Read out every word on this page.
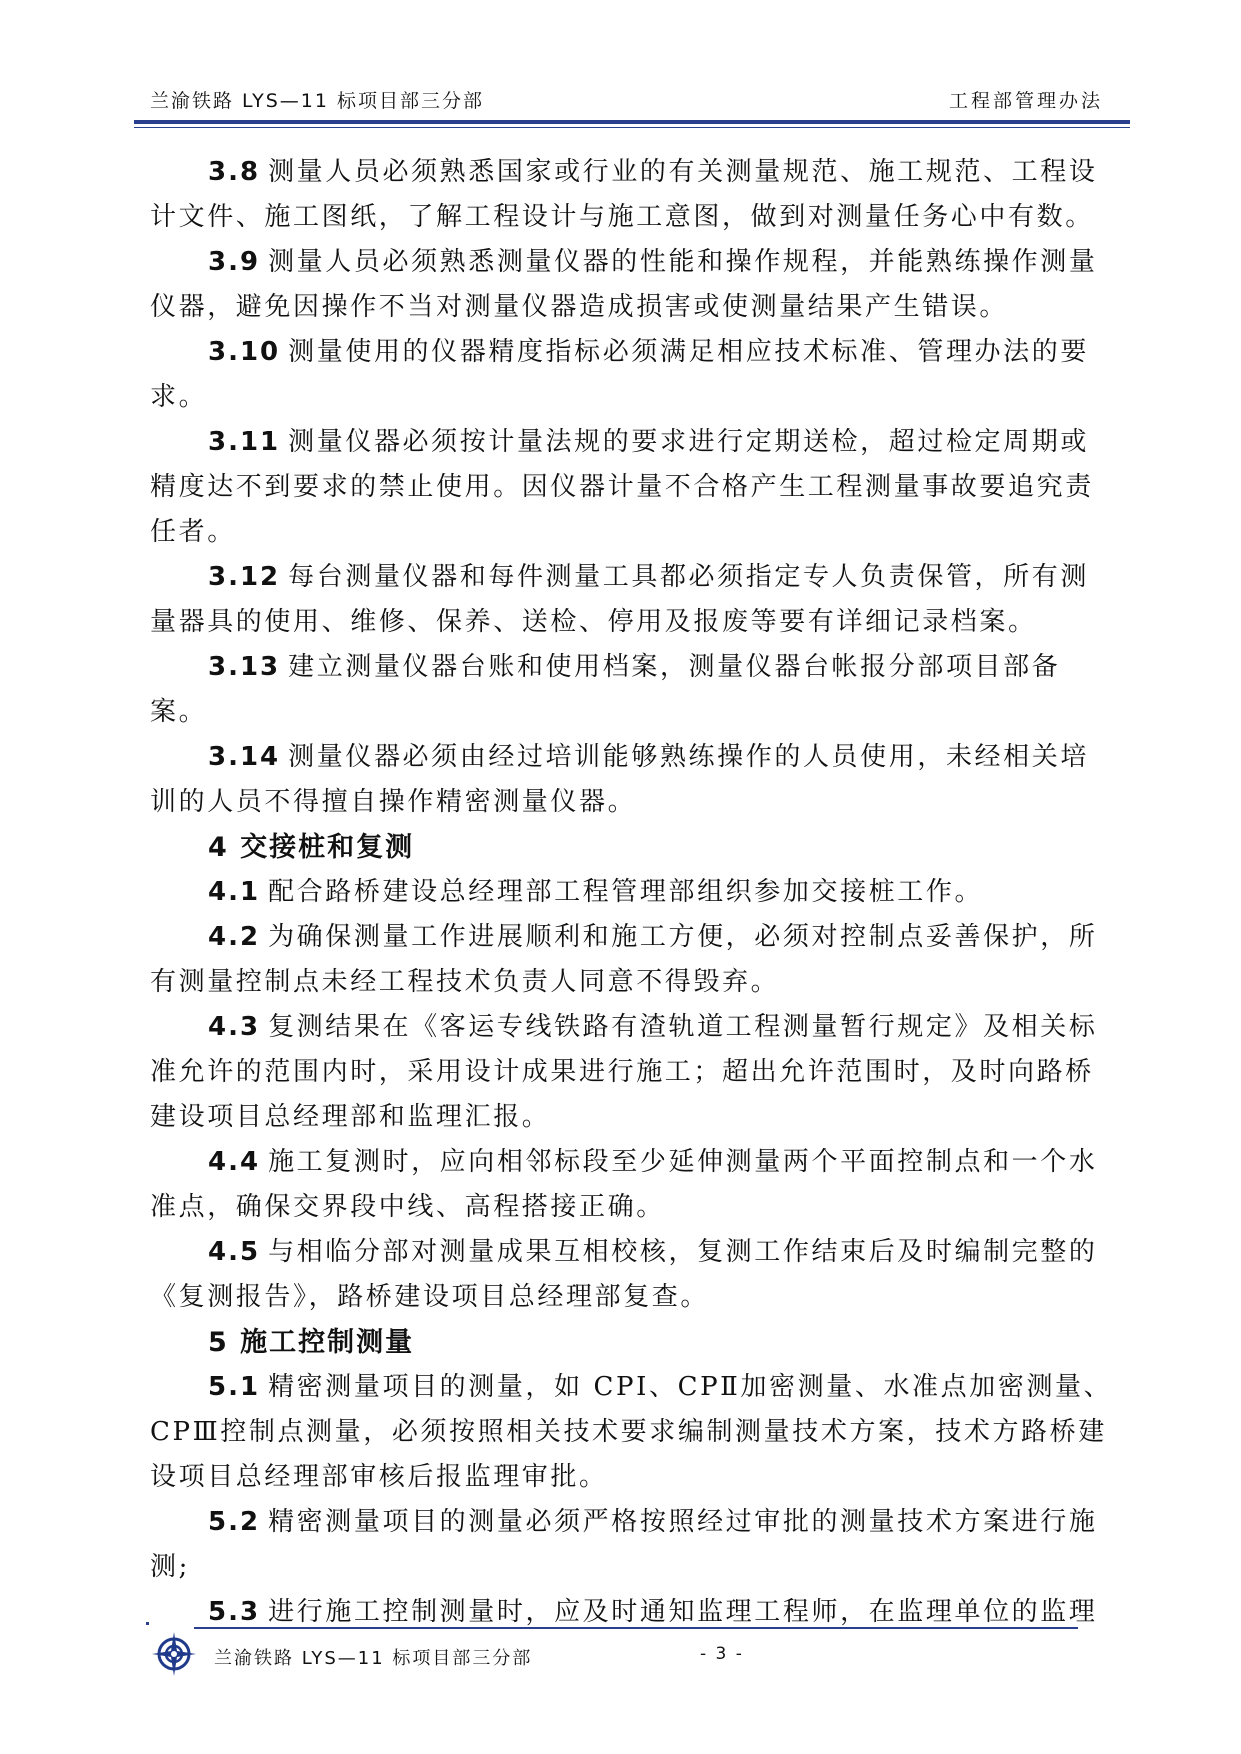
兰渝铁路 LYS—11 标项目部三分部	工程部管理办法

3.8 测量人员必须熟悉国家或行业的有关测量规范、施工规范、工程设计文件、施工图纸，了解工程设计与施工意图，做到对测量任务心中有数。

3.9 测量人员必须熟悉测量仪器的性能和操作规程，并能熟练操作测量仪器，避免因操作不当对测量仪器造成损害或使测量结果产生错误。

3.10 测量使用的仪器精度指标必须满足相应技术标准、管理办法的要求。

3.11 测量仪器必须按计量法规的要求进行定期送检，超过检定周期或精度达不到要求的禁止使用。因仪器计量不合格产生工程测量事故要追究责任者。

3.12 每台测量仪器和每件测量工具都必须指定专人负责保管，所有测量器具的使用、维修、保养、送检、停用及报废等要有详细记录档案。

3.13 建立测量仪器台账和使用档案，测量仪器台帐报分部项目部备案。

3.14 测量仪器必须由经过培训能够熟练操作的人员使用，未经相关培训的人员不得擅自操作精密测量仪器。

4 交接桩和复测

4.1 配合路桥建设总经理部工程管理部组织参加交接桩工作。

4.2 为确保测量工作进展顺利和施工方便，必须对控制点妥善保护，所有测量控制点未经工程技术负责人同意不得毁弃。

4.3 复测结果在《客运专线铁路有渣轨道工程测量暂行规定》及相关标准允许的范围内时，采用设计成果进行施工；超出允许范围时，及时向路桥建设项目总经理部和监理汇报。

4.4 施工复测时，应向相邻标段至少延伸测量两个平面控制点和一个水准点，确保交界段中线、高程搭接正确。

4.5 与相临分部对测量成果互相校核，复测工作结束后及时编制完整的《复测报告》，路桥建设项目总经理部复查。

5 施工控制测量

5.1 精密测量项目的测量，如 CPⅠ、CPⅡ加密测量、水准点加密测量、CPⅢ控制点测量，必须按照相关技术要求编制测量技术方案，技术方路桥建设项目总经理部审核后报监理审批。

5.2 精密测量项目的测量必须严格按照经过审批的测量技术方案进行施测;

5.3 进行施工控制测量时，应及时通知监理工程师，在监理单位的监理

兰渝铁路 LYS—11 标项目部三分部	- 3 -
